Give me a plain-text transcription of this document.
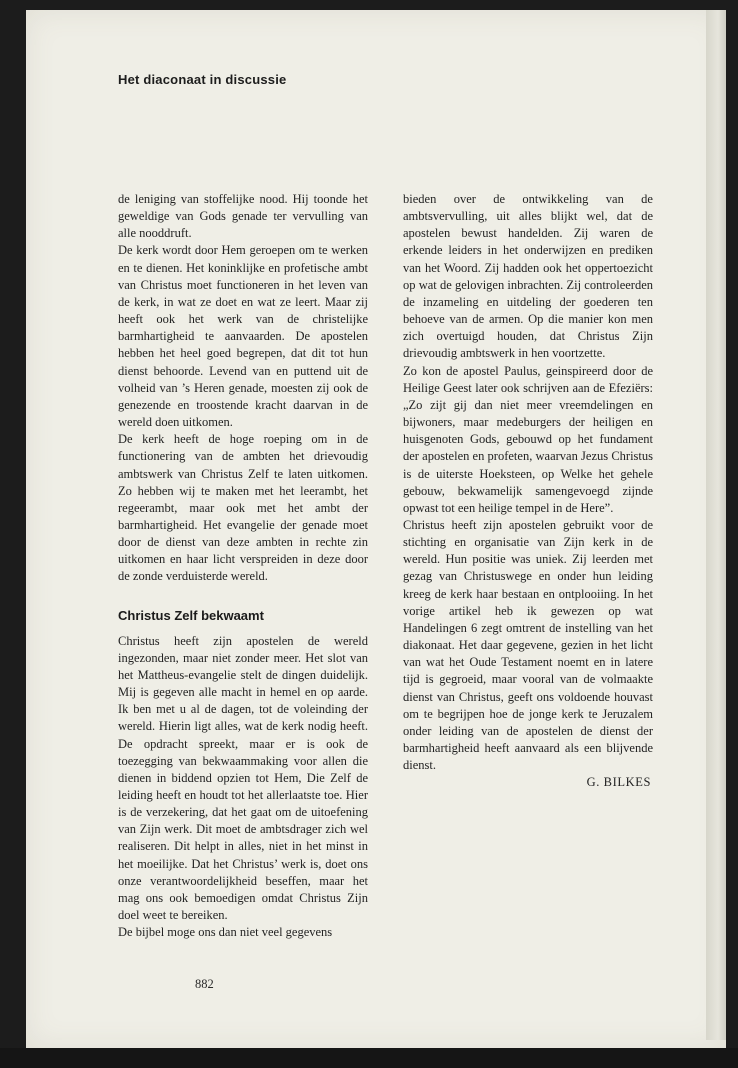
Het diaconaat in discussie

de leniging van stoffelijke nood. Hij toonde het geweldige van Gods genade ter vervulling van alle nooddruft.

De kerk wordt door Hem geroepen om te werken en te dienen. Het koninklijke en profetische ambt van Christus moet functioneren in het leven van de kerk, in wat ze doet en wat ze leert. Maar zij heeft ook het werk van de christelijke barmhartigheid te aanvaarden. De apostelen hebben het heel goed begrepen, dat dit tot hun dienst behoorde. Levend van en puttend uit de volheid van ’s Heren genade, moesten zij ook de genezende en troostende kracht daarvan in de wereld doen uitkomen.

De kerk heeft de hoge roeping om in de functionering van de ambten het drievoudig ambtswerk van Christus Zelf te laten uitkomen. Zo hebben wij te maken met het leerambt, het regeerambt, maar ook met het ambt der barmhartigheid. Het evangelie der genade moet door de dienst van deze ambten in rechte zin uitkomen en haar licht verspreiden in deze door de zonde verduisterde wereld.

Christus Zelf bekwaamt

Christus heeft zijn apostelen de wereld ingezonden, maar niet zonder meer. Het slot van het Mattheus-evangelie stelt de dingen duidelijk. Mij is gegeven alle macht in hemel en op aarde. Ik ben met u al de dagen, tot de voleinding der wereld. Hierin ligt alles, wat de kerk nodig heeft. De opdracht spreekt, maar er is ook de toezegging van bekwaammaking voor allen die dienen in biddend opzien tot Hem, Die Zelf de leiding heeft en houdt tot het allerlaatste toe. Hier is de verzekering, dat het gaat om de uitoefening van Zijn werk. Dit moet de ambtsdrager zich wel realiseren. Dit helpt in alles, niet in het minst in het moeilijke. Dat het Christus’ werk is, doet ons onze verantwoordelijkheid beseffen, maar het mag ons ook bemoedigen omdat Christus Zijn doel weet te bereiken.

De bijbel moge ons dan niet veel gegevens

bieden over de ontwikkeling van de ambtsvervulling, uit alles blijkt wel, dat de apostelen bewust handelden. Zij waren de erkende leiders in het onderwijzen en prediken van het Woord. Zij hadden ook het oppertoezicht op wat de gelovigen inbrachten. Zij controleerden de inzameling en uitdeling der goederen ten behoeve van de armen. Op die manier kon men zich overtuigd houden, dat Christus Zijn drievoudig ambtswerk in hen voortzette.

Zo kon de apostel Paulus, geinspireerd door de Heilige Geest later ook schrijven aan de Efeziërs: „Zo zijt gij dan niet meer vreemdelingen en bijwoners, maar medeburgers der heiligen en huisgenoten Gods, gebouwd op het fundament der apostelen en profeten, waarvan Jezus Christus is de uiterste Hoeksteen, op Welke het gehele gebouw, bekwamelijk samengevoegd zijnde opwast tot een heilige tempel in de Here”.

Christus heeft zijn apostelen gebruikt voor de stichting en organisatie van Zijn kerk in de wereld. Hun positie was uniek. Zij leerden met gezag van Christuswege en onder hun leiding kreeg de kerk haar bestaan en ontplooiing. In het vorige artikel heb ik gewezen op wat Handelingen 6 zegt omtrent de instelling van het diakonaat. Het daar gegevene, gezien in het licht van wat het Oude Testament noemt en in latere tijd is gegroeid, maar vooral van de volmaakte dienst van Christus, geeft ons voldoende houvast om te begrijpen hoe de jonge kerk te Jeruzalem onder leiding van de apostelen de dienst der barmhartigheid heeft aanvaard als een blijvende dienst.

G. BILKES

882
